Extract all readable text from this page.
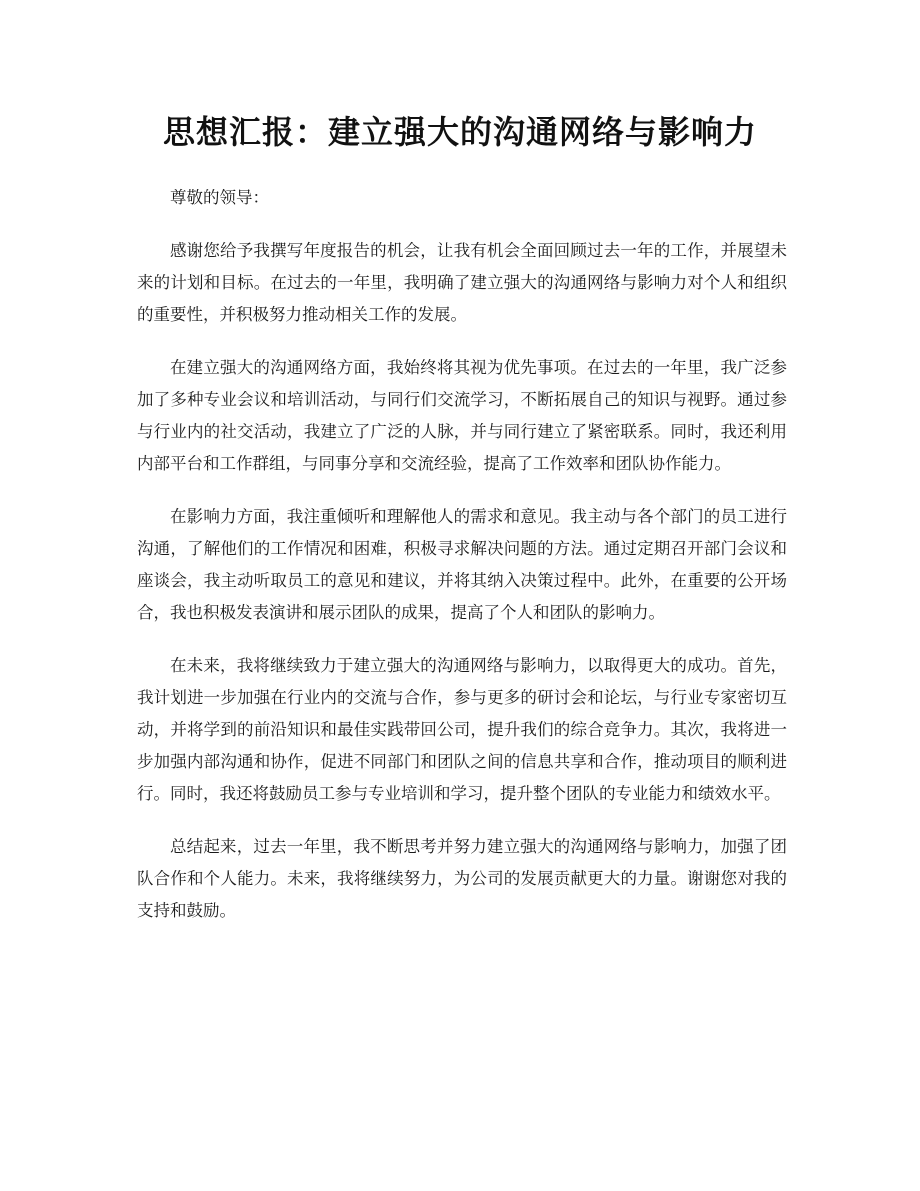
思想汇报：建立强大的沟通网络与影响力

尊敬的领导：

感谢您给予我撰写年度报告的机会，让我有机会全面回顾过去一年的工作，并展望未来的计划和目标。在过去的一年里，我明确了建立强大的沟通网络与影响力对个人和组织的重要性，并积极努力推动相关工作的发展。

在建立强大的沟通网络方面，我始终将其视为优先事项。在过去的一年里，我广泛参加了多种专业会议和培训活动，与同行们交流学习，不断拓展自己的知识与视野。通过参与行业内的社交活动，我建立了广泛的人脉，并与同行建立了紧密联系。同时，我还利用内部平台和工作群组，与同事分享和交流经验，提高了工作效率和团队协作能力。

在影响力方面，我注重倾听和理解他人的需求和意见。我主动与各个部门的员工进行沟通，了解他们的工作情况和困难，积极寻求解决问题的方法。通过定期召开部门会议和座谈会，我主动听取员工的意见和建议，并将其纳入决策过程中。此外，在重要的公开场合，我也积极发表演讲和展示团队的成果，提高了个人和团队的影响力。

在未来，我将继续致力于建立强大的沟通网络与影响力，以取得更大的成功。首先，我计划进一步加强在行业内的交流与合作，参与更多的研讨会和论坛，与行业专家密切互动，并将学到的前沿知识和最佳实践带回公司，提升我们的综合竞争力。其次，我将进一步加强内部沟通和协作，促进不同部门和团队之间的信息共享和合作，推动项目的顺利进行。同时，我还将鼓励员工参与专业培训和学习，提升整个团队的专业能力和绩效水平。

总结起来，过去一年里，我不断思考并努力建立强大的沟通网络与影响力，加强了团队合作和个人能力。未来，我将继续努力，为公司的发展贡献更大的力量。谢谢您对我的支持和鼓励。
